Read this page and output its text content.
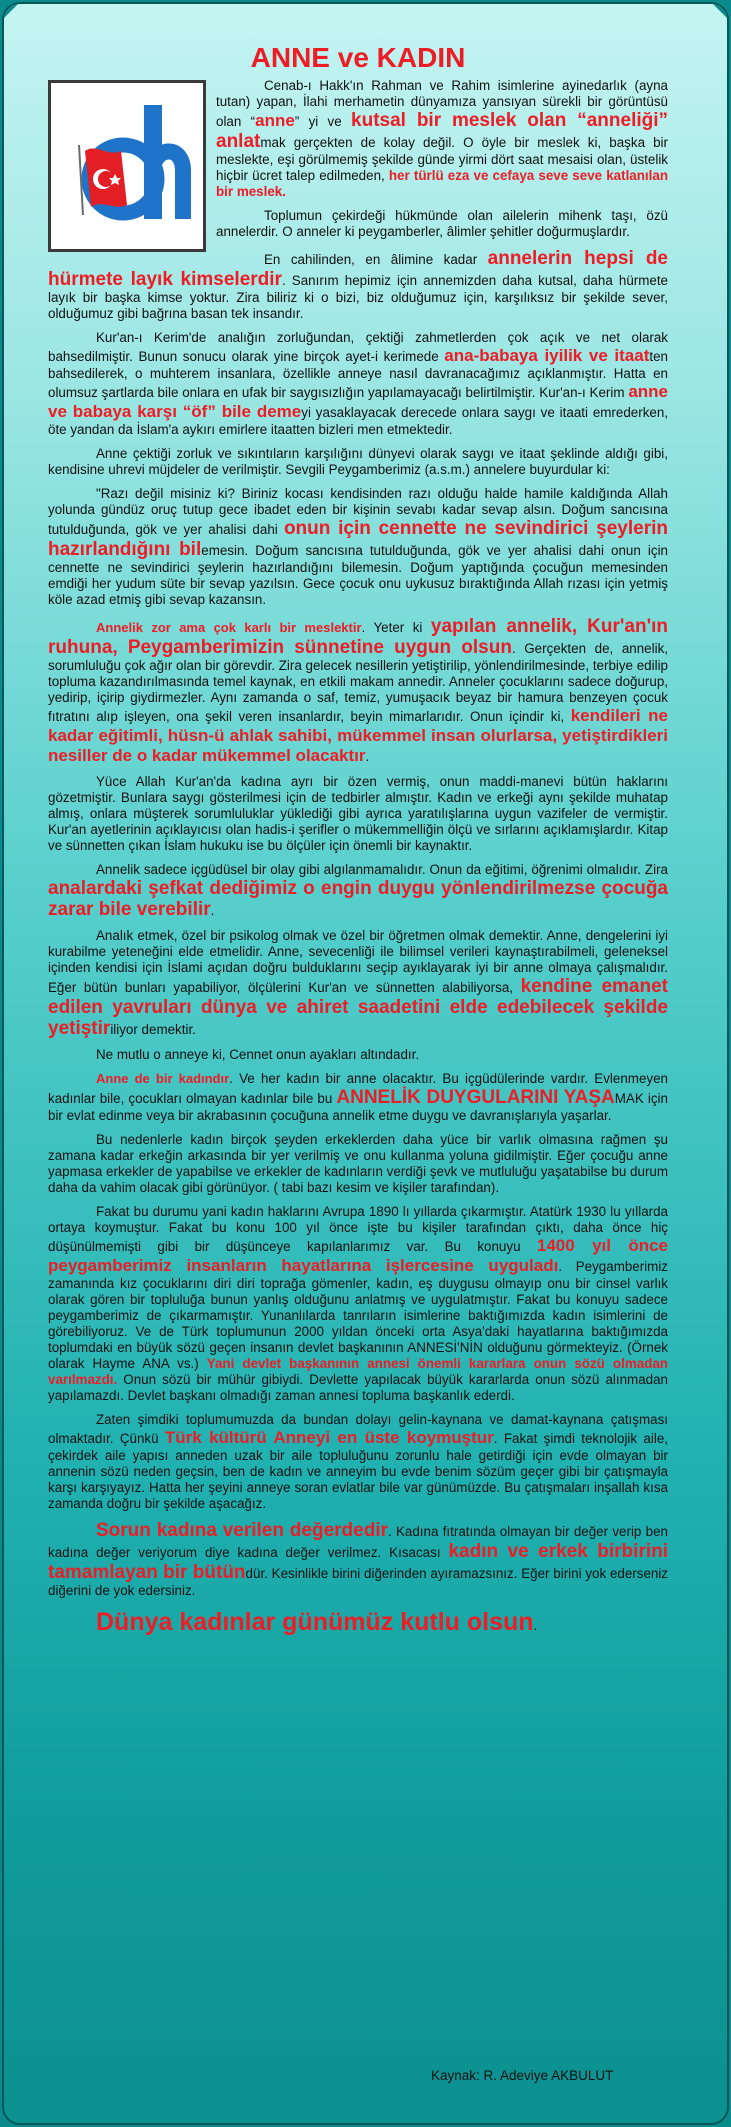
ANNE ve KADIN

Cenab-ı Hakk'ın Rahman ve Rahim isimlerine ayinedarlık (ayna tutan) yapan, İlahi merhametin dünyamıza yansıyan sürekli bir görüntüsü olan “anne” yi ve kutsal bir meslek olan “anneliği” anlatmak gerçekten de kolay değil. O öyle bir meslek ki, başka bir meslekte, eşi görülmemiş şekilde günde yirmi dört saat mesaisi olan, üstelik hiçbir ücret talep edilmeden, her türlü eza ve cefaya seve seve katlanılan bir meslek.

Toplumun çekirdeği hükmünde olan ailelerin mihenk taşı, özü annelerdir. O anneler ki peygamberler, âlimler şehitler doğurmuşlardır.

En cahilinden, en âlimine kadar annelerin hepsi de hürmete layık kimselerdir. Sanırım hepimiz için annemizden daha kutsal, daha hürmete layık bir başka kimse yoktur. Zira biliriz ki o bizi, biz olduğumuz için, karşılıksız bir şekilde sever, olduğumuz gibi bağrına basan tek insandır.

Kur'an-ı Kerim'de analığın zorluğundan, çektiği zahmetlerden çok açık ve net olarak bahsedilmiştir. Bunun sonucu olarak yine birçok ayet-i kerimede ana-babaya iyilik ve itaatten bahsedilerek, o muhterem insanlara, özellikle anneye nasıl davranacağımız açıklanmıştır. Hatta en olumsuz şartlarda bile onlara en ufak bir saygısızlığın yapılamayacağı belirtilmiştir. Kur'an-ı Kerim anne ve babaya karşı “öf” bile demeyi yasaklayacak derecede onlara saygı ve itaati emrederken, öte yandan da İslam'a aykırı emirlere itaatten bizleri men etmektedir.

Anne çektiği zorluk ve sıkıntıların karşılığını dünyevi olarak saygı ve itaat şeklinde aldığı gibi, kendisine uhrevi müjdeler de verilmiştir. Sevgili Peygamberimiz (a.s.m.) annelere buyurdular ki:

"Razı değil misiniz ki? Biriniz kocası kendisinden razı olduğu halde hamile kaldığında Allah yolunda gündüz oruç tutup gece ibadet eden bir kişinin sevabı kadar sevap alsın. Doğum sancısına tutulduğunda, gök ve yer ahalisi dahi onun için cennette ne sevindirici şeylerin hazırlandığını bilemesin. Doğum sancısına tutulduğunda, gök ve yer ahalisi dahi onun için cennette ne sevindirici şeylerin hazırlandığını bilemesin. Doğum yaptığında çocuğun memesinden emdiği her yudum süte bir sevap yazılsın. Gece çocuk onu uykusuz bıraktığında Allah rızası için yetmiş köle azad etmiş gibi sevap kazansın.

Annelik zor ama çok karlı bir meslektir. Yeter ki yapılan annelik, Kur'an'ın ruhuna, Peygamberimizin sünnetine uygun olsun. Gerçekten de, annelik, sorumluluğu çok ağır olan bir görevdir. Zira gelecek nesillerin yetiştirilip, yönlendirilmesinde, terbiye edilip topluma kazandırılmasında temel kaynak, en etkili makam annedir. Anneler çocuklarını sadece doğurup, yedirip, içirip giydirmezler. Aynı zamanda o saf, temiz, yumuşacık beyaz bir hamura benzeyen çocuk fıtratını alıp işleyen, ona şekil veren insanlardır, beyin mimarlarıdır. Onun içindir ki, kendileri ne kadar eğitimli, hüsn-ü ahlak sahibi, mükemmel insan olurlarsa, yetiştirdikleri nesiller de o kadar mükemmel olacaktır.

Yüce Allah Kur'an'da kadına ayrı bir özen vermiş, onun maddi-manevi bütün haklarını gözetmiştir. Bunlara saygı gösterilmesi için de tedbirler almıştır. Kadın ve erkeği aynı şekilde muhatap almış, onlara müşterek sorumluluklar yüklediği gibi ayrıca yaratılışlarına uygun vazifeler de vermiştir. Kur'an ayetlerinin açıklayıcısı olan hadis-i şerifler o mükemmelliğin ölçü ve sırlarını açıklamışlardır. Kitap ve sünnetten çıkan İslam hukuku ise bu ölçüler için önemli bir kaynaktır.

Annelik sadece içgüdüsel bir olay gibi algılanmamalıdır. Onun da eğitimi, öğrenimi olmalıdır. Zira analardaki şefkat dediğimiz o engin duygu yönlendirilmezse çocuğa zarar bile verebilir.

Analık etmek, özel bir psikolog olmak ve özel bir öğretmen olmak demektir. Anne, dengelerini iyi kurabilme yeteneğini elde etmelidir. Anne, sevecenliği ile bilimsel verileri kaynaştırabilmeli, geleneksel içinden kendisi için İslami açıdan doğru bulduklarını seçip ayıklayarak iyi bir anne olmaya çalışmalıdır. Eğer bütün bunları yapabiliyor, ölçülerini Kur'an ve sünnetten alabiliyorsa, kendine emanet edilen yavruları dünya ve ahiret saadetini elde edebilecek şekilde yetiştiriliyor demektir.

Ne mutlu o anneye ki, Cennet onun ayakları altındadır.

Anne de bir kadındır. Ve her kadın bir anne olacaktır. Bu içgüdülerinde vardır. Evlenmeyen kadınlar bile, çocukları olmayan kadınlar bile bu ANNELİK DUYGULARINI YAŞAMAK için bir evlat edinme veya bir akrabasının çocuğuna annelik etme duygu ve davranışlarıyla yaşarlar.

Bu nedenlerle kadın birçok şeyden erkeklerden daha yüce bir varlık olmasına rağmen şu zamana kadar erkeğin arkasında bir yer verilmiş ve onu kullanma yoluna gidilmiştir. Eğer çocuğu anne yapmasa erkekler de yapabilse ve erkekler de kadınların verdiği şevk ve mutluluğu yaşatabilse bu durum daha da vahim olacak gibi görünüyor. ( tabi bazı kesim ve kişiler tarafından).

Fakat bu durumu yani kadın haklarını Avrupa 1890 lı yıllarda çıkarmıştır. Atatürk 1930 lu yıllarda ortaya koymuştur. Fakat bu konu 100 yıl önce işte bu kişiler tarafından çıktı, daha önce hiç düşünülmemişti gibi bir düşünceye kapılanlarımız var. Bu konuyu 1400 yıl önce peygamberimiz insanların hayatlarına işlercesine uyguladı. Peygamberimiz zamanında kız çocuklarını diri diri toprağa gömenler, kadın, eş duygusu olmayıp onu bir cinsel varlık olarak gören bir topluluğa bunun yanlış olduğunu anlatmış ve uygulatmıştır. Fakat bu konuyu sadece peygamberimiz de çıkarmamıştır. Yunanlılarda tanrıların isimlerine baktığımızda kadın isimlerini de görebiliyoruz. Ve de Türk toplumunun 2000 yıldan önceki orta Asya'daki hayatlarına baktığımızda toplumdaki en büyük sözü geçen insanın devlet başkanının ANNESİ'NİN olduğunu görmekteyiz. (Örnek olarak Hayme ANA vs.) Yani devlet başkanının annesi önemli kararlara onun sözü olmadan varılmazdı. Onun sözü bir mühür gibiydi. Devlette yapılacak büyük kararlarda onun sözü alınmadan yapılamazdı. Devlet başkanı olmadığı zaman annesi topluma başkanlık ederdi.

Zaten şimdiki toplumumuzda da bundan dolayı gelin-kaynana ve damat-kaynana çatışması olmaktadır. Çünkü Türk kültürü Anneyi en üste koymuştur. Fakat şimdi teknolojik aile, çekirdek aile yapısı anneden uzak bir aile topluluğunu zorunlu hale getirdiği için evde olmayan bir annenin sözü neden geçsin, ben de kadın ve anneyim bu evde benim sözüm geçer gibi bir çatışmayla karşı karşıyayız. Hatta her şeyini anneye soran evlatlar bile var günümüzde. Bu çatışmaları inşallah kısa zamanda doğru bir şekilde aşacağız.

Sorun kadına verilen değerdedir. Kadına fıtratında olmayan bir değer verip ben kadına değer veriyorum diye kadına değer verilmez. Kısacası kadın ve erkek birbirini tamamlayan bir bütündür. Kesinlikle birini diğerinden ayıramazsınız. Eğer birini yok ederseniz diğerini de yok edersiniz.

Dünya kadınlar günümüz kutlu olsun.

Kaynak: R. Adeviye AKBULUT
